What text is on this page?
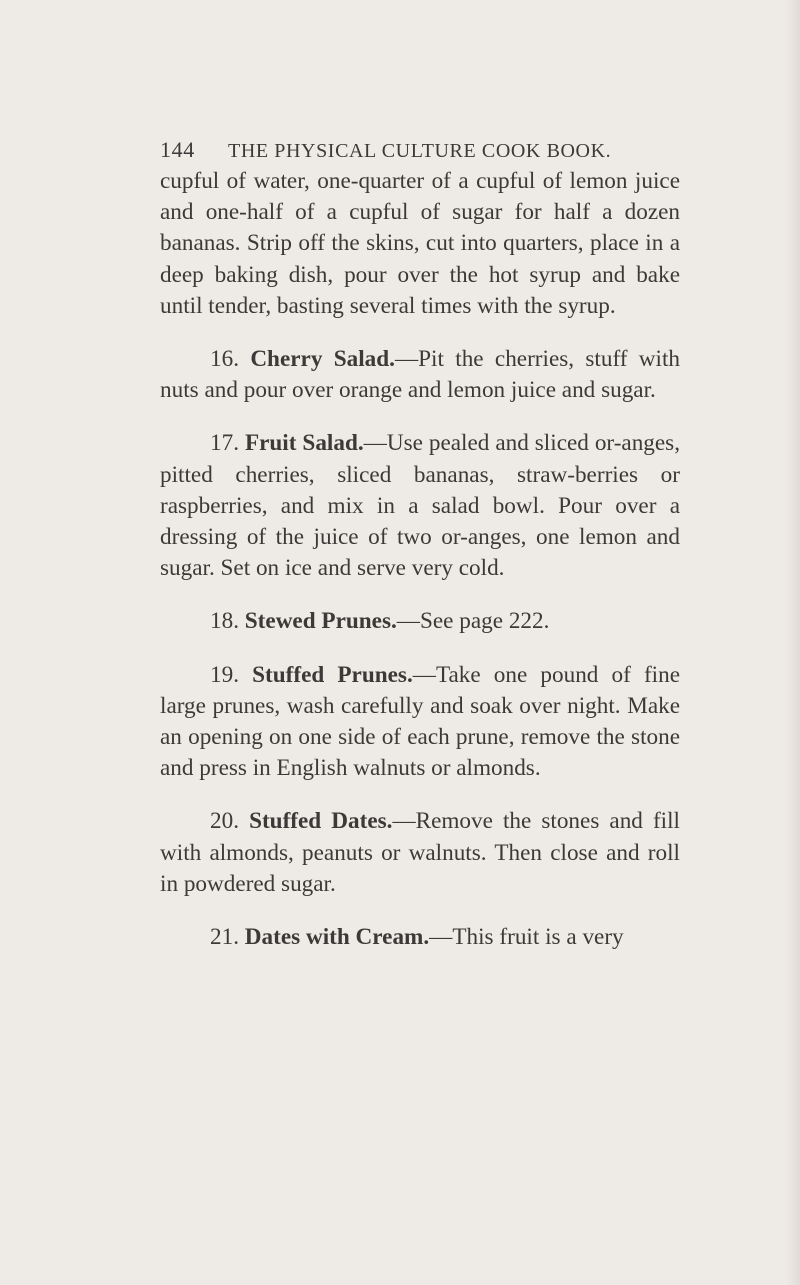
144 THE PHYSICAL CULTURE COOK BOOK.

cupful of water, one-quarter of a cupful of lemon juice and one-half of a cupful of sugar for half a dozen bananas. Strip off the skins, cut into quarters, place in a deep baking dish, pour over the hot syrup and bake until tender, basting several times with the syrup.

16. Cherry Salad.—Pit the cherries, stuff with nuts and pour over orange and lemon juice and sugar.

17. Fruit Salad.—Use pealed and sliced or-anges, pitted cherries, sliced bananas, straw-berries or raspberries, and mix in a salad bowl. Pour over a dressing of the juice of two or-anges, one lemon and sugar. Set on ice and serve very cold.

18. Stewed Prunes.—See page 222.

19. Stuffed Prunes.—Take one pound of fine large prunes, wash carefully and soak over night. Make an opening on one side of each prune, remove the stone and press in English walnuts or almonds.

20. Stuffed Dates.—Remove the stones and fill with almonds, peanuts or walnuts. Then close and roll in powdered sugar.

21. Dates with Cream.—This fruit is a very
